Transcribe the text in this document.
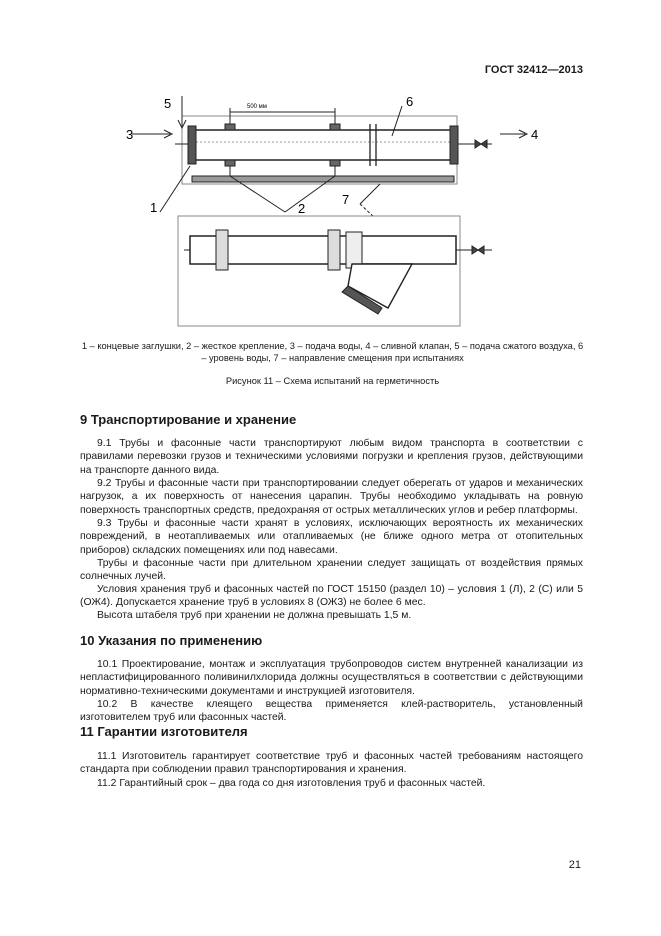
ГОСТ 32412—2013
500 мм
3
5
4
6
1	2
7
1 – концевые заглушки, 2 – жесткое крепление, 3 – подача воды, 4 – сливной клапан, 5 – подача сжатого воздуха, 6 – уровень воды, 7 – направление смещения при испытаниях
Рисунок 11 – Схема испытаний на герметичность
9 Транспортирование и хранение

9.1 Трубы и фасонные части транспортируют любым видом транспорта в соответствии с правилами перевозки грузов и техническими условиями погрузки и крепления грузов, действующими на транспорте данного вида.

9.2 Трубы и фасонные части при транспортировании следует оберегать от ударов и механических нагрузок, а их поверхность от нанесения царапин. Трубы необходимо укладывать на ровную поверхность транспортных средств, предохраняя от острых металлических углов и ребер платформы.

9.3 Трубы и фасонные части хранят в условиях, исключающих вероятность их механических повреждений, в неотапливаемых или отапливаемых (не ближе одного метра от отопительных приборов) складских помещениях или под навесами.

Трубы и фасонные части при длительном хранении следует защищать от воздействия прямых солнечных лучей.

Условия хранения труб и фасонных частей по ГОСТ 15150 (раздел 10) – условия 1 (Л), 2 (С) или 5 (ОЖ4). Допускается хранение труб в условиях 8 (ОЖ3) не более 6 мес.

Высота штабеля труб при хранении не должна превышать 1,5 м.

10 Указания по применению

10.1 Проектирование, монтаж и эксплуатация трубопроводов систем внутренней канализации из непластифицированного поливинилхлорида должны осуществляться в соответствии с действующими нормативно-техническими документами и инструкцией изготовителя.

10.2 В качестве клеящего вещества применяется клей-растворитель, установленный изготовителем труб или фасонных частей.

11 Гарантии изготовителя

11.1 Изготовитель гарантирует соответствие труб и фасонных частей требованиям настоящего стандарта при соблюдении правил транспортирования и хранения.

11.2 Гарантийный срок – два года со дня изготовления труб и фасонных частей.

21
